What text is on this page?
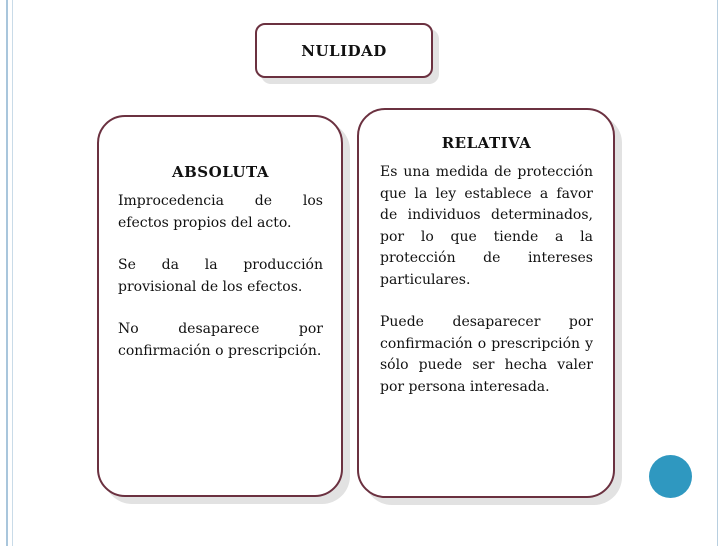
NULIDAD
ABSOLUTA

Improcedencia de los efectos propios del acto.

Se da la producción provisional de los efectos.

No desaparece por confirmación o prescripción.

RELATIVA

Es una medida de protección que la ley establece a favor de individuos determinados, por lo que tiende a la protección de intereses particulares.

Puede desaparecer por confirmación o prescripción y sólo puede ser hecha valer por persona interesada.
